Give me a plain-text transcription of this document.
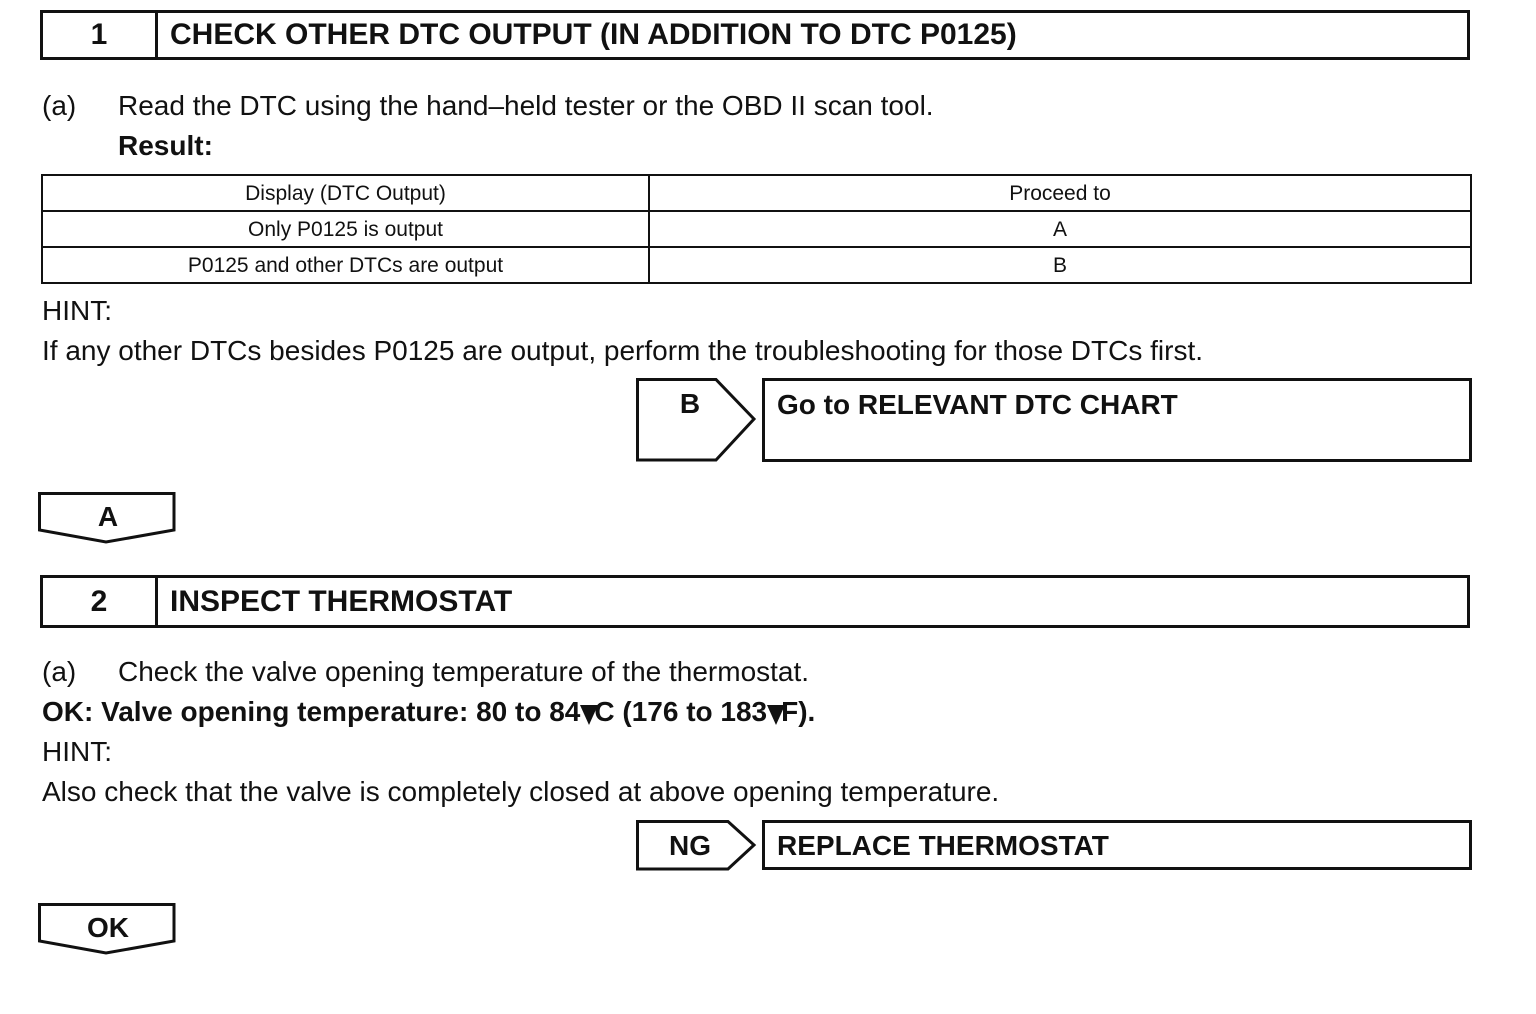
1	CHECK OTHER DTC OUTPUT (IN ADDITION TO DTC P0125)
(a) Read the DTC using the hand–held tester or the OBD II scan tool.
Result:
Display (DTC Output)	Proceed to
Only P0125 is output	A
P0125 and other DTCs are output	B
HINT:
If any other DTCs besides P0125 are output, perform the troubleshooting for those DTCs first.
B	Go to RELEVANT DTC CHART
A
2	INSPECT THERMOSTAT
(a) Check the valve opening temperature of the thermostat.
OK: Valve opening temperature: 80 to 84 C (176 to 183 F).
HINT:
Also check that the valve is completely closed at above opening temperature.
NG	REPLACE THERMOSTAT
OK
